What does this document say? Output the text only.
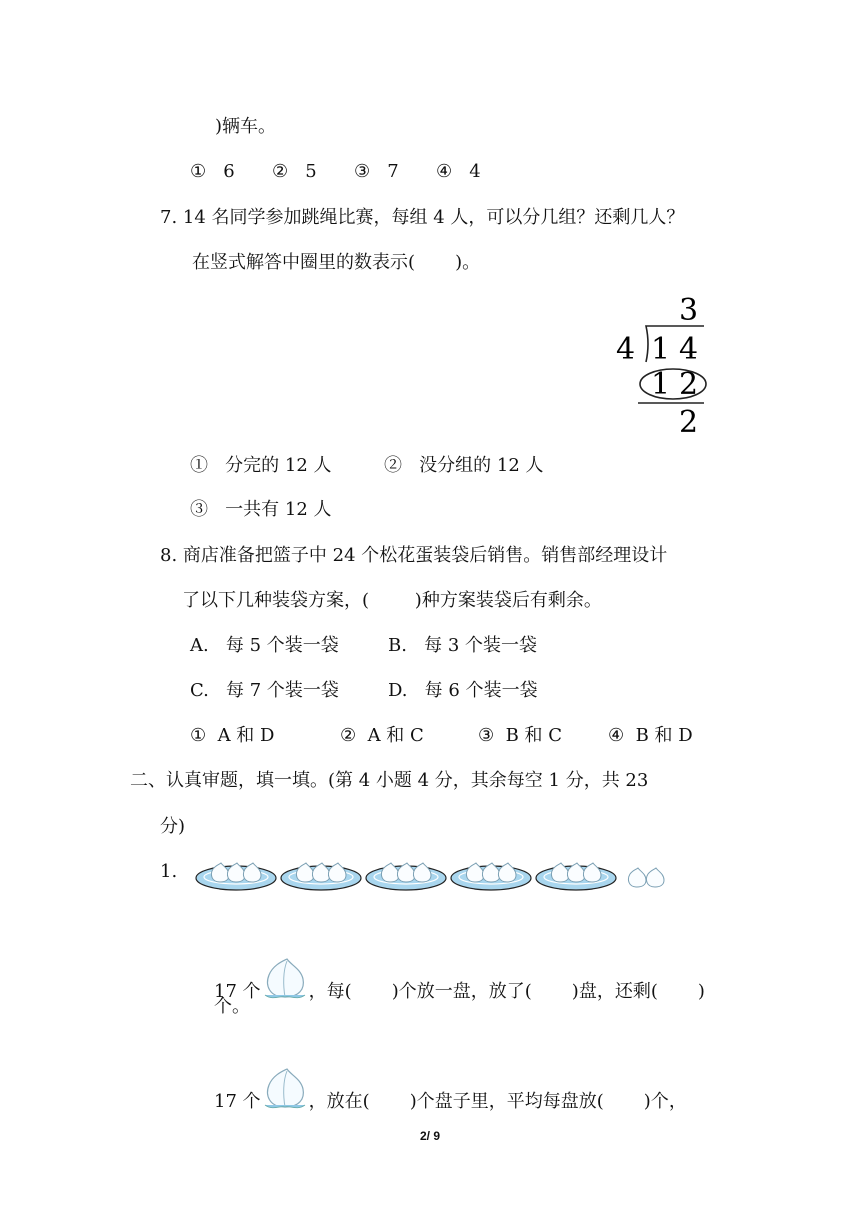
)辆车。
①   6 ②   5 ③   7 ④   4
7. 14 名同学参加跳绳比赛，每组 4 人，可以分几组？还剩几人？
在竖式解答中圈里的数表示(       )。
3
4 1 4
1 2
2
①   分完的 12 人	②   没分组的 12 人
③   一共有 12 人
8. 商店准备把篮子中 24 个松花蛋装袋后销售。销售部经理设计
了以下几种装袋方案，(        )种方案装袋后有剩余。
A.   每 5 个装一袋	B.   每 3 个装一袋
C.   每 7 个装一袋	D.   每 6 个装一袋
①  A 和 D	②  A 和 C	③  B 和 C	④  B 和 D
二、认真审题，填一填。(第 4 小题 4 分，其余每空 1 分，共 23
分)
1.
17 个	，每(       )个放一盘，放了(       )盘，还剩(       )
个。
17 个	，放在(       )个盘子里，平均每盘放(       )个，
2/ 9
